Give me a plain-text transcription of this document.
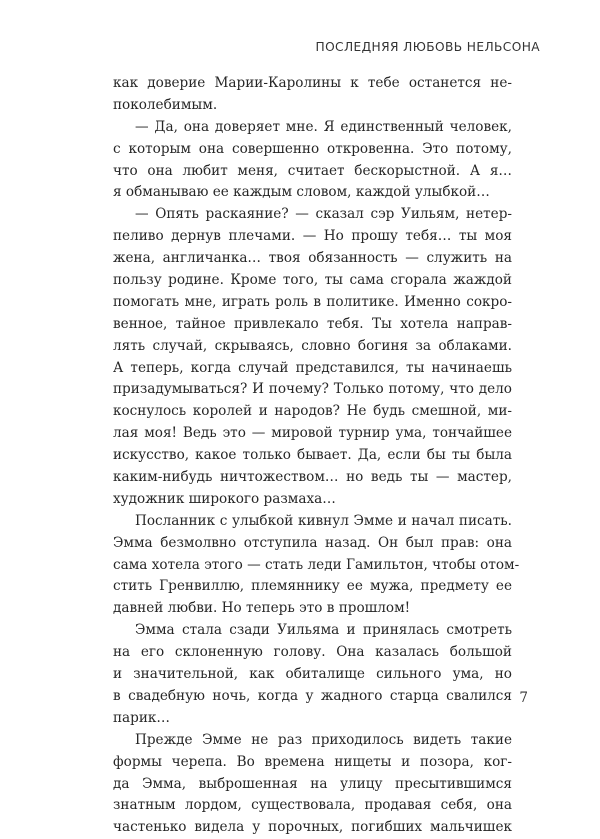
ПОСЛЕДНЯЯ ЛЮБОВЬ НЕЛЬСОНА
как доверие Марии-Каролины к тебе останется не-
поколебимым.
— Да, она доверяет мне. Я единственный человек,
с которым она совершенно откровенна. Это потому,
что она любит меня, считает бескорыстной. А я…
я обманываю ее каждым словом, каждой улыбкой…
— Опять раскаяние? — сказал сэр Уильям, нетер-
пеливо дернув плечами. — Но прошу тебя… ты моя
жена, англичанка… твоя обязанность — служить на
пользу родине. Кроме того, ты сама сгорала жаждой
помогать мне, играть роль в политике. Именно сокро-
венное, тайное привлекало тебя. Ты хотела направ-
лять случай, скрываясь, словно богиня за облаками.
А теперь, когда случай представился, ты начинаешь
призадумываться? И почему? Только потому, что дело
коснулось королей и народов? Не будь смешной, ми-
лая моя! Ведь это — мировой турнир ума, тончайшее
искусство, какое только бывает. Да, если бы ты была
каким-нибудь ничтожеством… но ведь ты — мастер,
художник широкого размаха…
Посланник с улыбкой кивнул Эмме и начал писать.
Эмма безмолвно отступила назад. Он был прав: она
сама хотела этого — стать леди Гамильтон, чтобы отом-
стить Гренвиллю, племяннику ее мужа, предмету ее
давней любви. Но теперь это в прошлом!
Эмма стала сзади Уильяма и принялась смотреть
на его склоненную голову. Она казалась большой
и значительной, как обиталище сильного ума, но
в свадебную ночь, когда у жадного старца свалился
парик…
Прежде Эмме не раз приходилось видеть такие
формы черепа. Во времена нищеты и позора, ког-
да Эмма, выброшенная на улицу пресытившимся
знатным лордом, существовала, продавая себя, она
частенько видела у порочных, погибших мальчишек
7
